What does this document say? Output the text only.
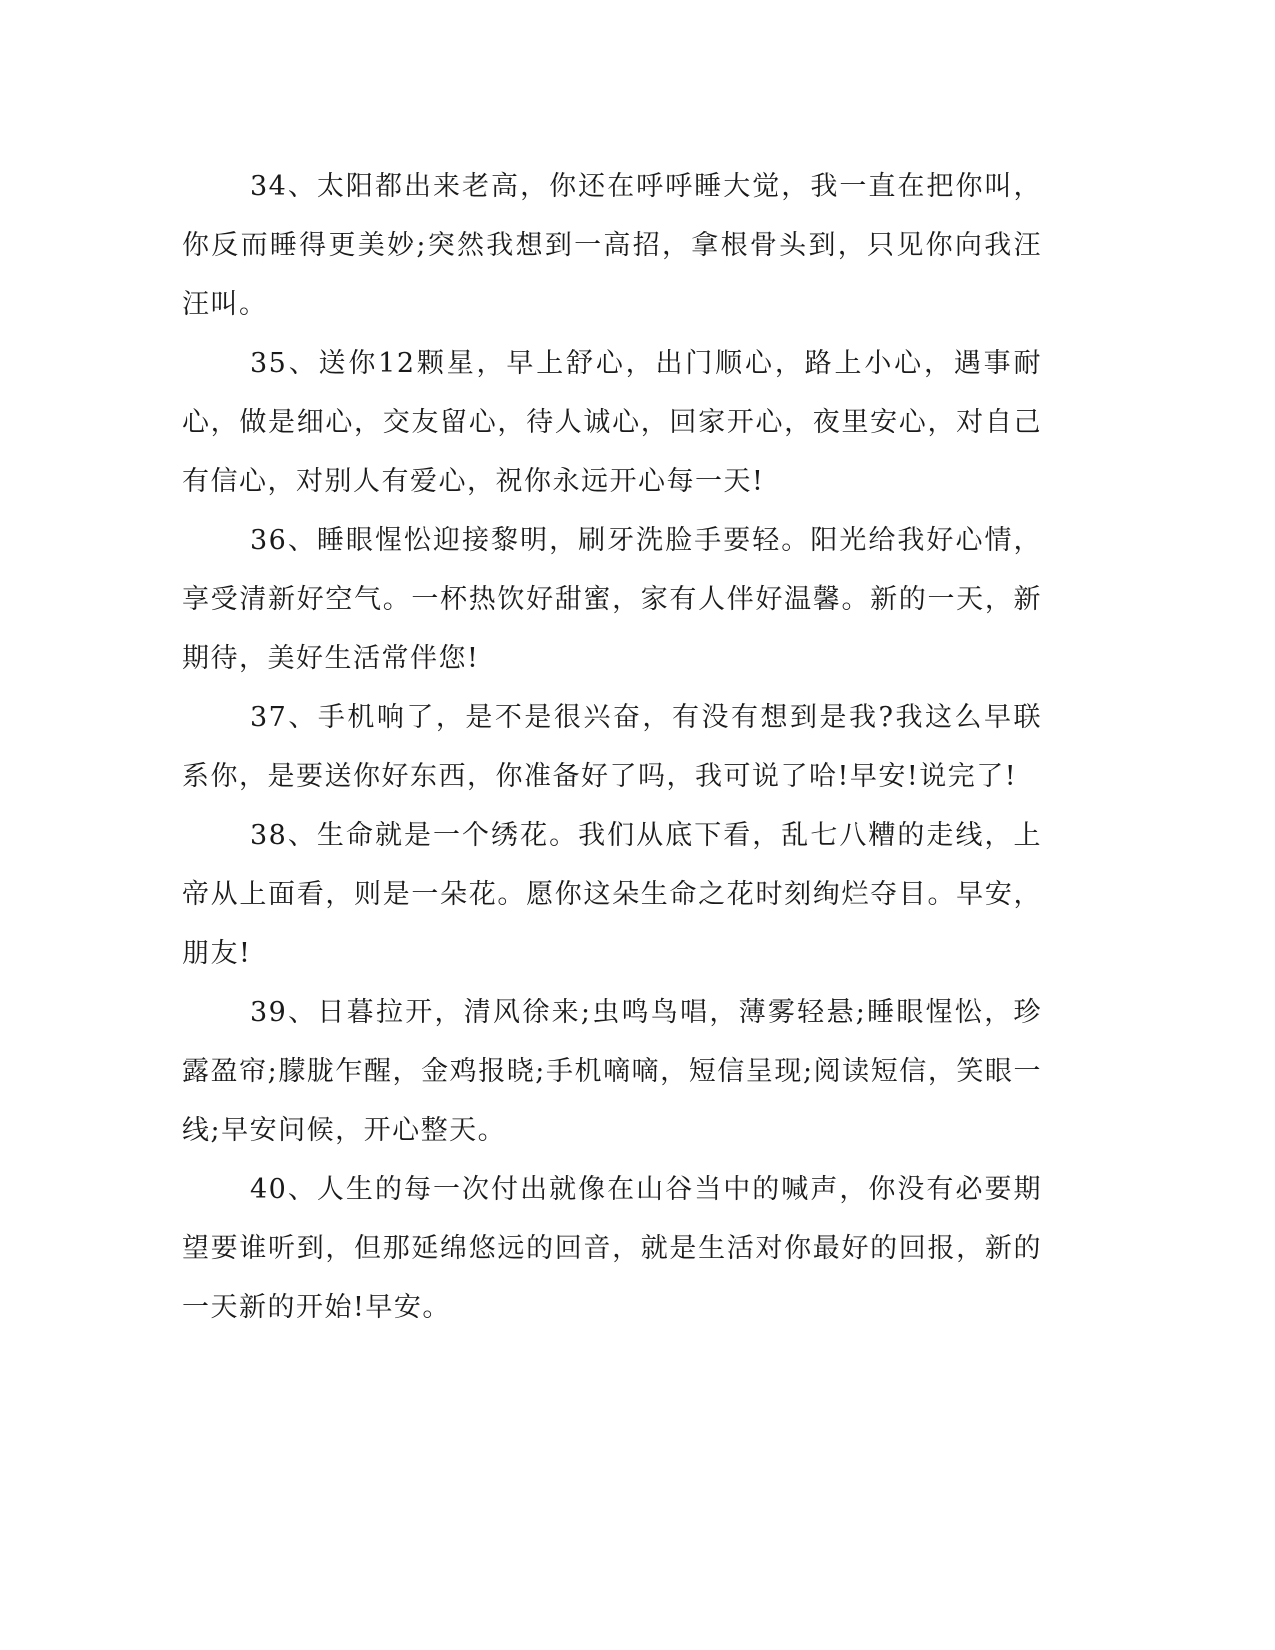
34、太阳都出来老高，你还在呼呼睡大觉，我一直在把你叫，你反而睡得更美妙;突然我想到一高招，拿根骨头到，只见你向我汪汪叫。

35、送你12颗星，早上舒心，出门顺心，路上小心，遇事耐心，做是细心，交友留心，待人诚心，回家开心，夜里安心，对自己有信心，对别人有爱心，祝你永远开心每一天!

36、睡眼惺忪迎接黎明，刷牙洗脸手要轻。阳光给我好心情，享受清新好空气。一杯热饮好甜蜜，家有人伴好温馨。新的一天，新期待，美好生活常伴您!

37、手机响了，是不是很兴奋，有没有想到是我?我这么早联系你，是要送你好东西，你准备好了吗，我可说了哈!早安!说完了!

38、生命就是一个绣花。我们从底下看，乱七八糟的走线，上帝从上面看，则是一朵花。愿你这朵生命之花时刻绚烂夺目。早安，朋友!

39、日暮拉开，清风徐来;虫鸣鸟唱，薄雾轻悬;睡眼惺忪，珍露盈帘;朦胧乍醒，金鸡报晓;手机嘀嘀，短信呈现;阅读短信，笑眼一线;早安问候，开心整天。

40、人生的每一次付出就像在山谷当中的喊声，你没有必要期望要谁听到，但那延绵悠远的回音，就是生活对你最好的回报，新的一天新的开始!早安。
